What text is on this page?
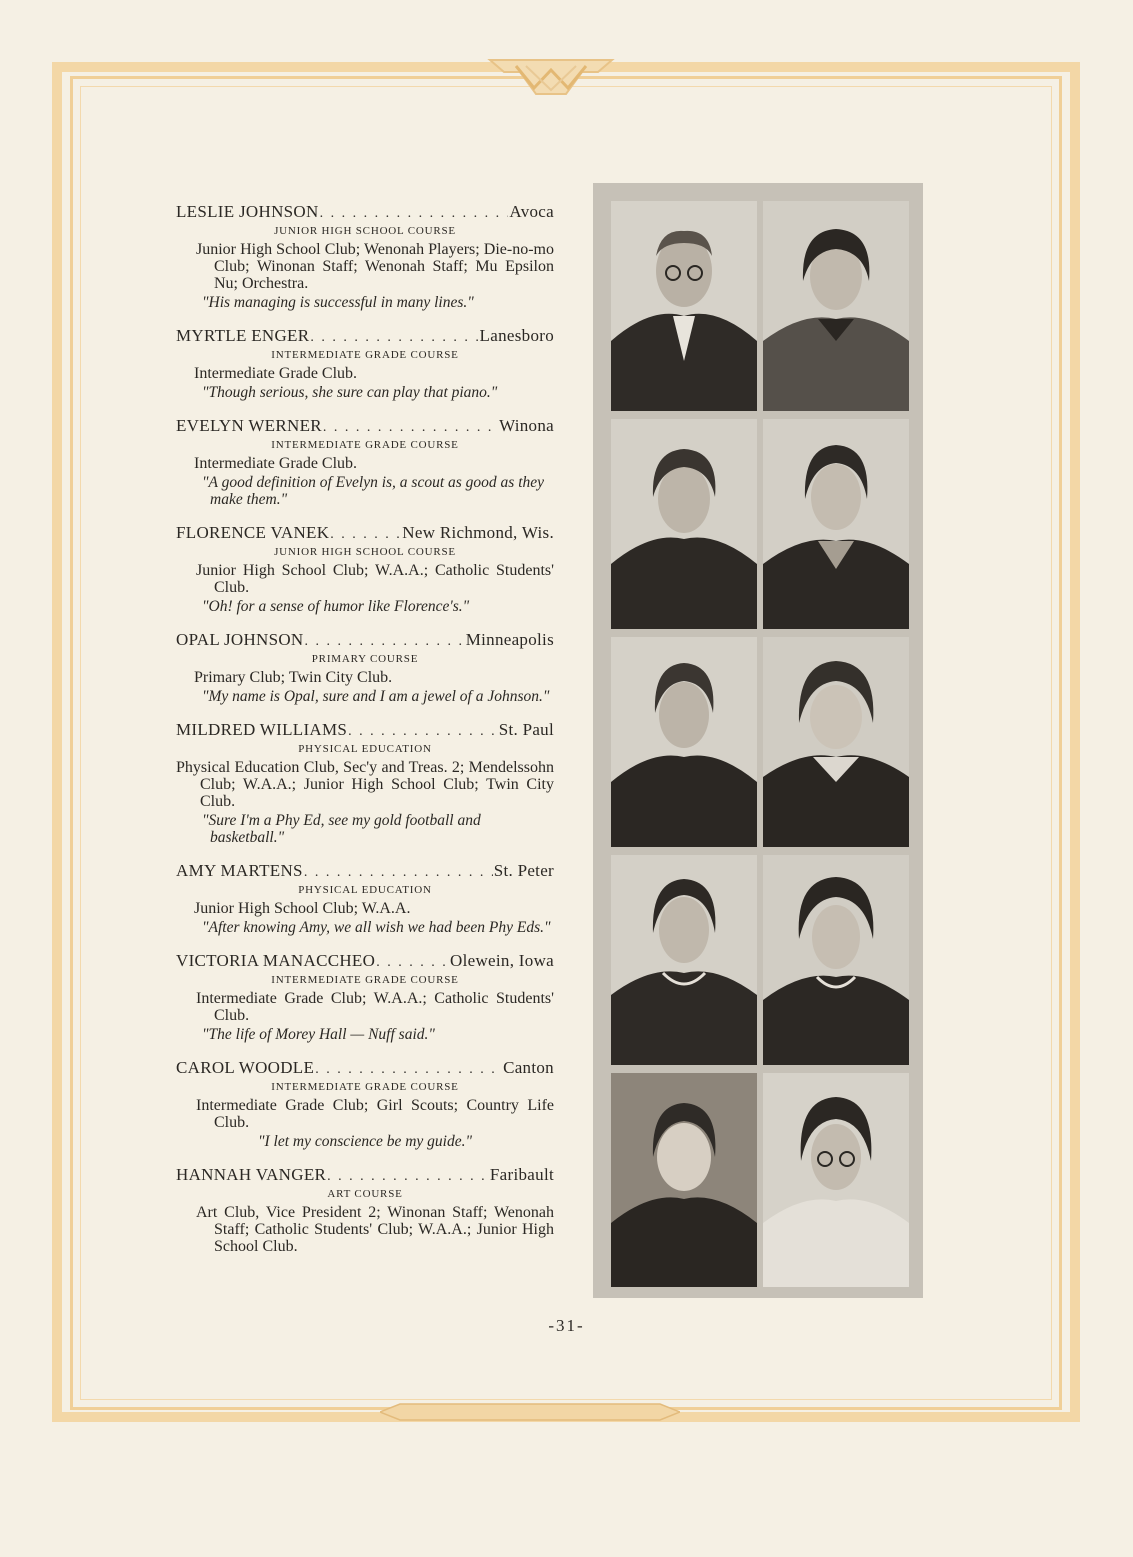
LESLIE JOHNSON . . .	Avoca
JUNIOR HIGH SCHOOL COURSE
Junior High School Club; Wenonah Players; Die-no-mo Club; Winonan Staff; Wenonah Staff; Mu Epsilon Nu; Orchestra.
"His managing is successful in many lines."
MYRTLE ENGER . . .	Lanesboro
INTERMEDIATE GRADE COURSE
Intermediate Grade Club.
"Though serious, she sure can play that piano."
EVELYN WERNER . . .	Winona
INTERMEDIATE GRADE COURSE
Intermediate Grade Club.
"A good definition of Evelyn is, a scout as good as they make them."
FLORENCE VANEK . . .	New Richmond, Wis.
JUNIOR HIGH SCHOOL COURSE
Junior High School Club; W.A.A.; Catholic Students' Club.
"Oh! for a sense of humor like Florence's."
OPAL JOHNSON . . .	Minneapolis
PRIMARY COURSE
Primary Club; Twin City Club.
"My name is Opal, sure and I am a jewel of a Johnson."
MILDRED WILLIAMS . . .	St. Paul
PHYSICAL EDUCATION
Physical Education Club, Sec'y and Treas. 2; Mendelssohn Club; W.A.A.; Junior High School Club; Twin City Club.
"Sure I'm a Phy Ed, see my gold football and basketball."
AMY MARTENS . . .	St. Peter
PHYSICAL EDUCATION
Junior High School Club; W.A.A.
"After knowing Amy, we all wish we had been Phy Eds."
VICTORIA MANACCHEO . . .	Olewein, Iowa
INTERMEDIATE GRADE COURSE
Intermediate Grade Club; W.A.A.; Catholic Students' Club.
"The life of Morey Hall — Nuff said."
CAROL WOODLE . . .	Canton
INTERMEDIATE GRADE COURSE
Intermediate Grade Club; Girl Scouts; Country Life Club.
"I let my conscience be my guide."
HANNAH VANGER . . .	Faribault
ART COURSE
Art Club, Vice President 2; Winonan Staff; Wenonah Staff; Catholic Students' Club; W.A.A.; Junior High School Club.
-31-
